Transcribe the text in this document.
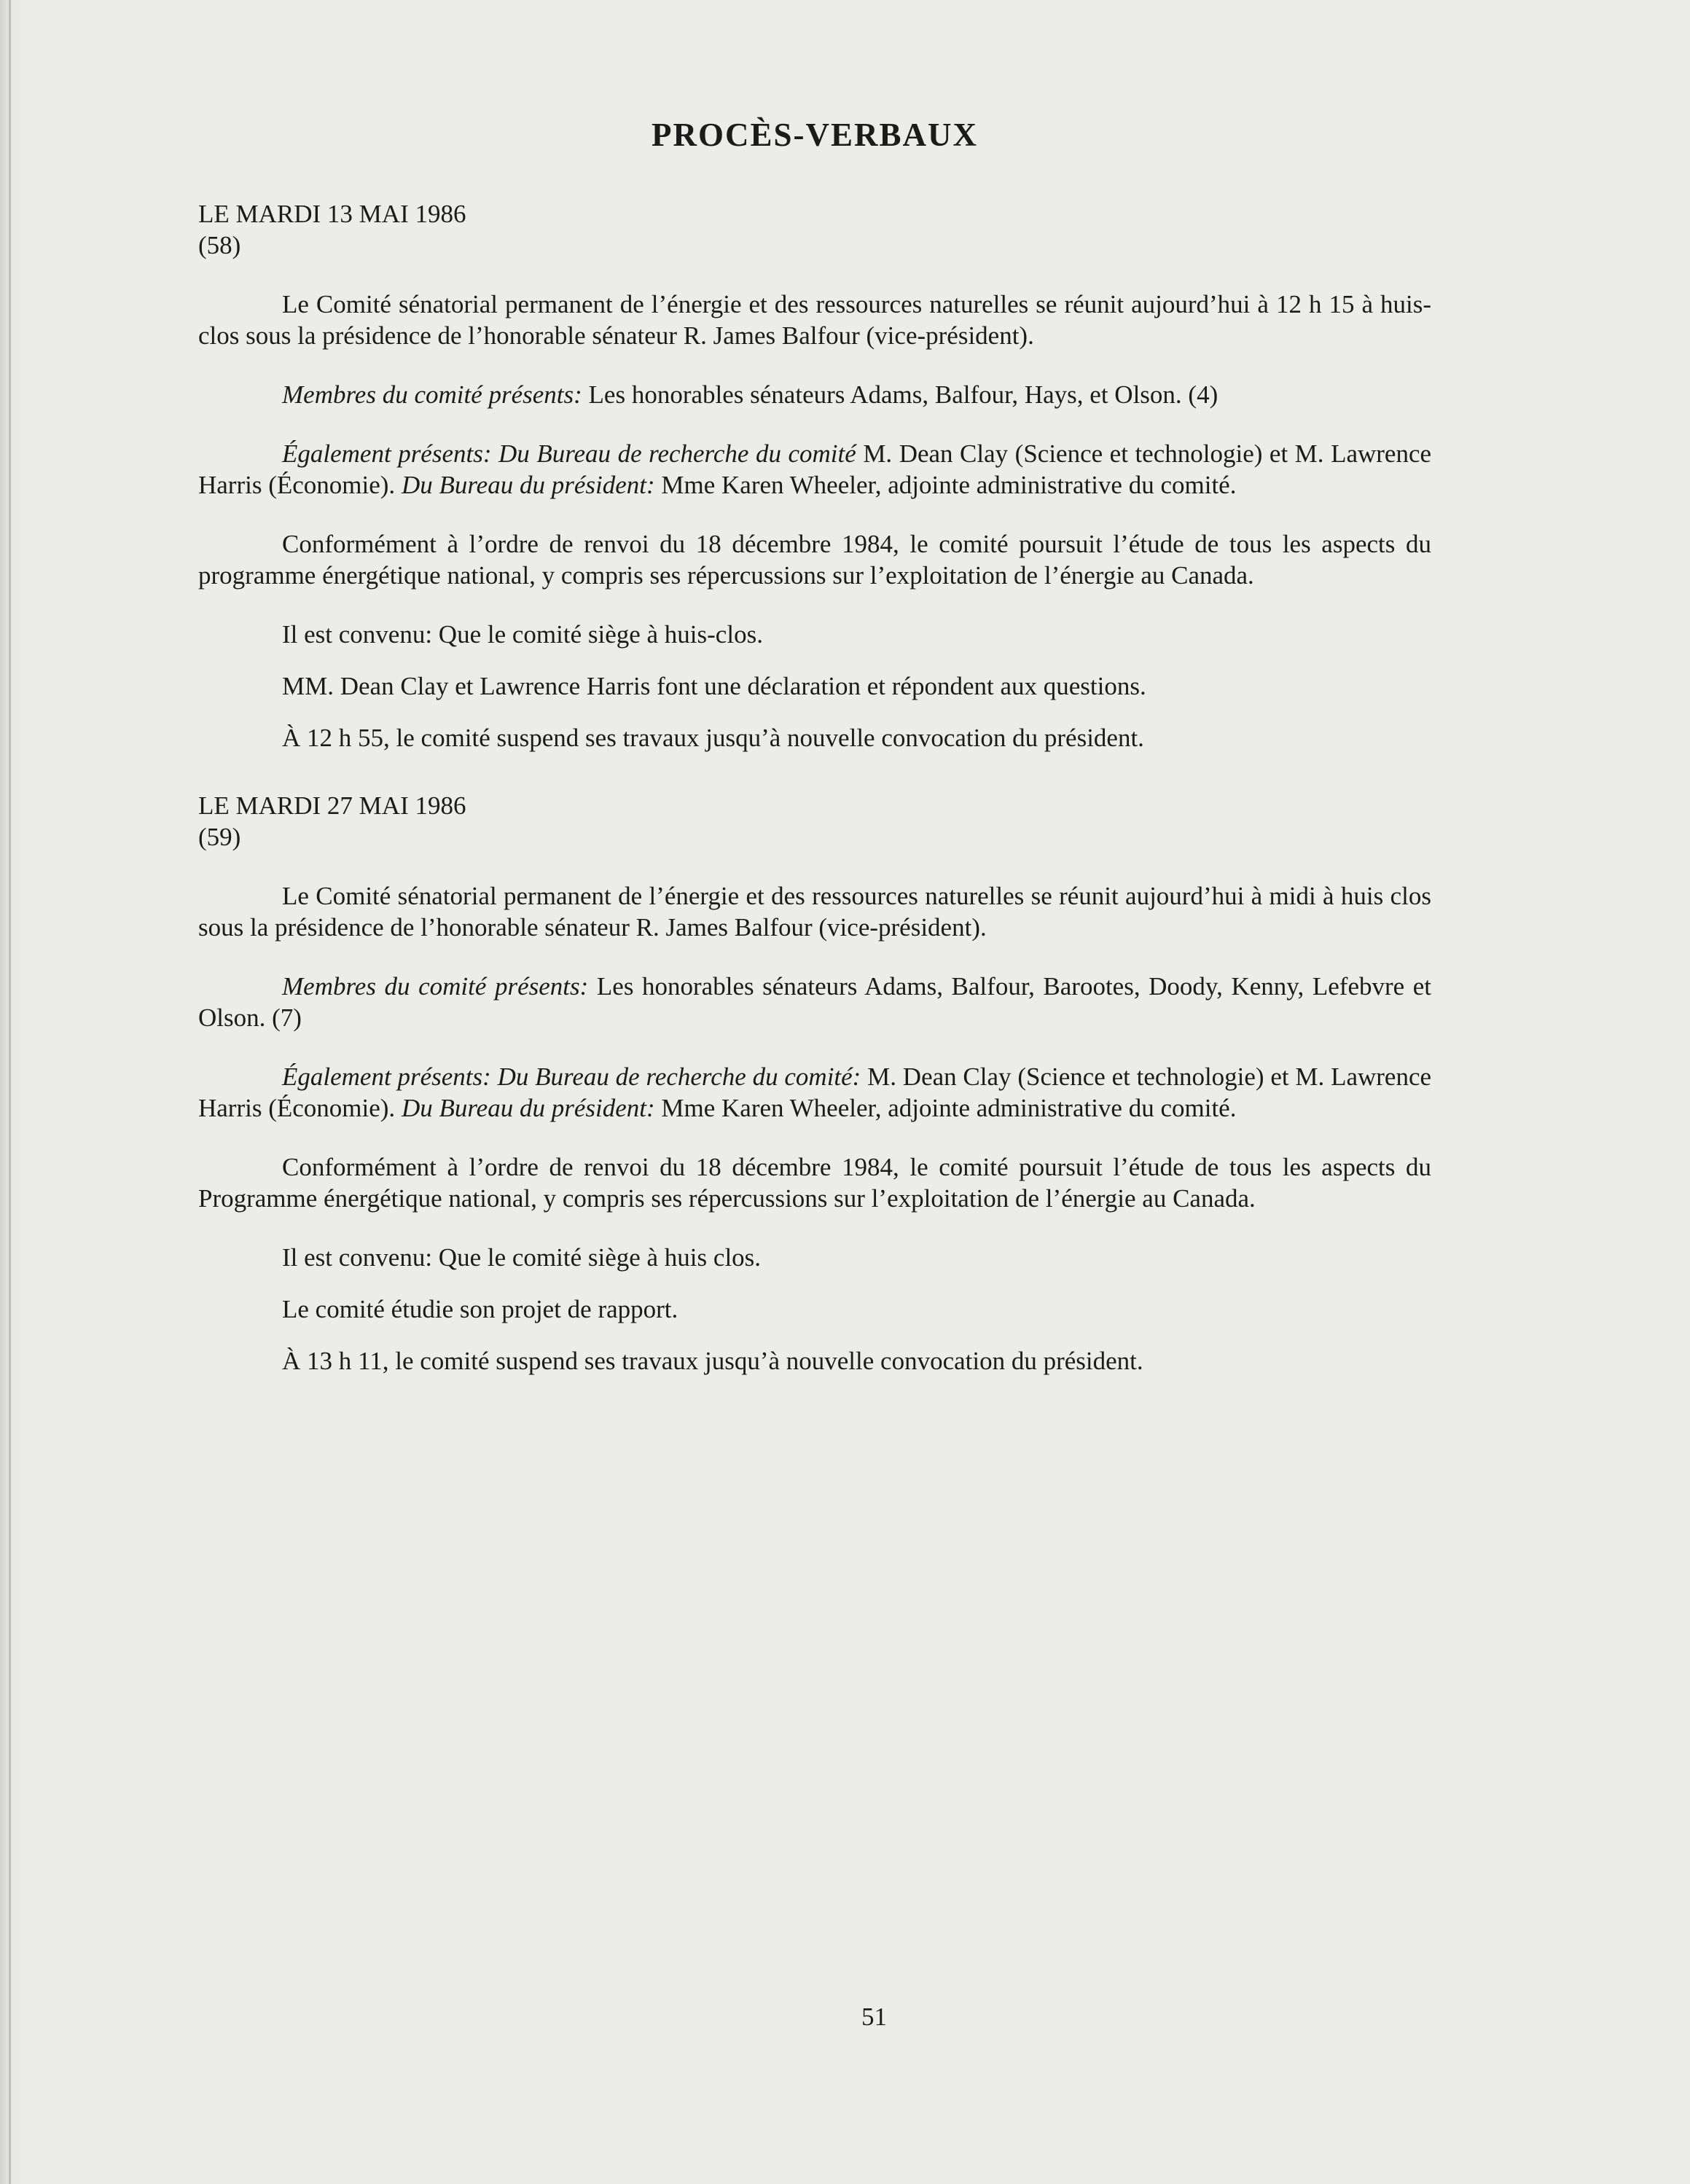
PROCÈS-VERBAUX
LE MARDI 13 MAI 1986
(58)

Le Comité sénatorial permanent de l’énergie et des ressources naturelles se réunit aujourd’hui à 12 h 15 à huis-clos sous la présidence de l’honorable sénateur R. James Balfour (vice-président).

Membres du comité présents: Les honorables sénateurs Adams, Balfour, Hays, et Olson. (4)

Également présents: Du Bureau de recherche du comité M. Dean Clay (Science et technologie) et M. Lawrence Harris (Économie). Du Bureau du président: Mme Karen Wheeler, adjointe administrative du comité.

Conformément à l’ordre de renvoi du 18 décembre 1984, le comité poursuit l’étude de tous les aspects du programme énergétique national, y compris ses répercussions sur l’exploitation de l’énergie au Canada.

Il est convenu: Que le comité siège à huis-clos.

MM. Dean Clay et Lawrence Harris font une déclaration et répondent aux questions.

À 12 h 55, le comité suspend ses travaux jusqu’à nouvelle convocation du président.

LE MARDI 27 MAI 1986
(59)

Le Comité sénatorial permanent de l’énergie et des ressources naturelles se réunit aujourd’hui à midi à huis clos sous la présidence de l’honorable sénateur R. James Balfour (vice-président).

Membres du comité présents: Les honorables sénateurs Adams, Balfour, Barootes, Doody, Kenny, Lefebvre et Olson. (7)

Également présents: Du Bureau de recherche du comité: M. Dean Clay (Science et technologie) et M. Lawrence Harris (Économie). Du Bureau du président: Mme Karen Wheeler, adjointe administrative du comité.

Conformément à l’ordre de renvoi du 18 décembre 1984, le comité poursuit l’étude de tous les aspects du Programme énergétique national, y compris ses répercussions sur l’exploitation de l’énergie au Canada.

Il est convenu: Que le comité siège à huis clos.

Le comité étudie son projet de rapport.

À 13 h 11, le comité suspend ses travaux jusqu’à nouvelle convocation du président.

51
